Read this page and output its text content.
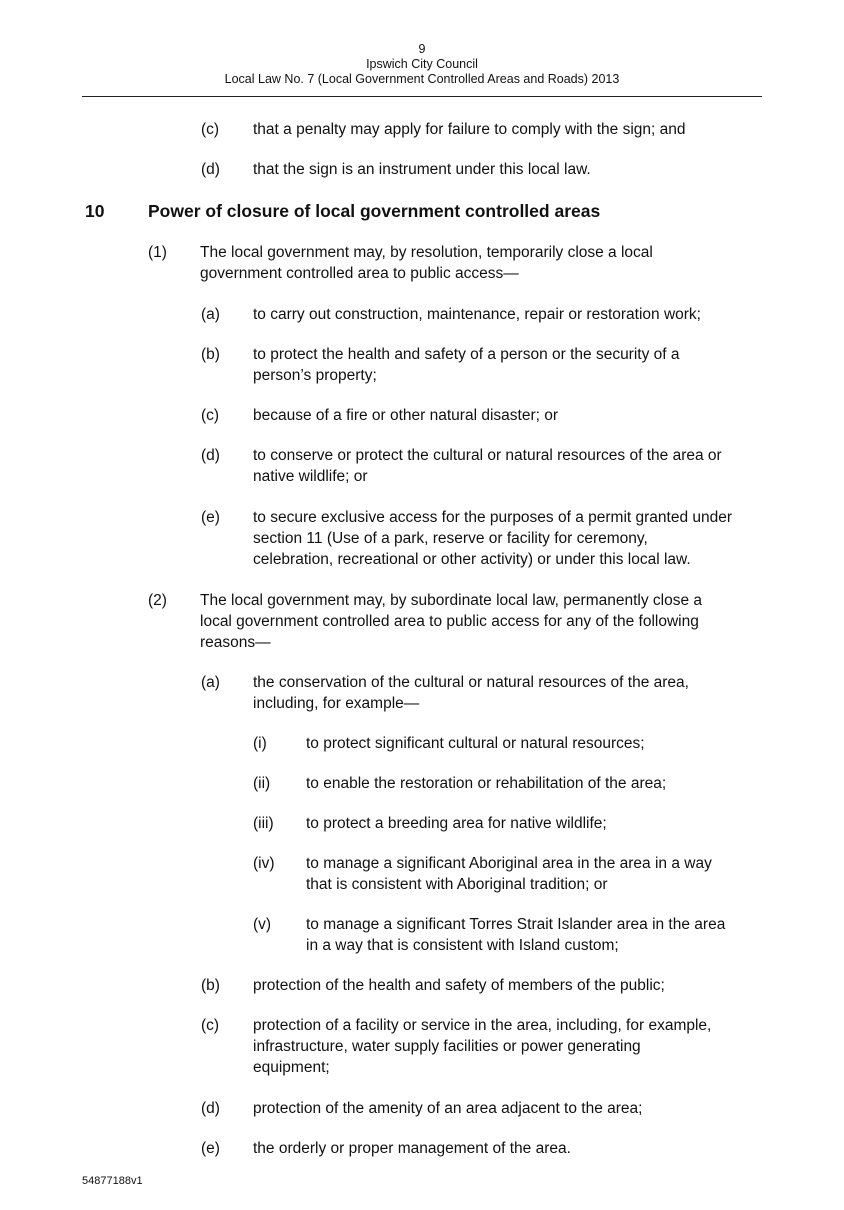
9
Ipswich City Council
Local Law No. 7 (Local Government Controlled Areas and Roads) 2013
(c) that a penalty may apply for failure to comply with the sign; and
(d) that the sign is an instrument under this local law.
10 Power of closure of local government controlled areas
(1) The local government may, by resolution, temporarily close a local
government controlled area to public access—
(a) to carry out construction, maintenance, repair or restoration work;
(b) to protect the health and safety of a person or the security of a
person’s property;
(c) because of a fire or other natural disaster; or
(d) to conserve or protect the cultural or natural resources of the area or
native wildlife; or
(e) to secure exclusive access for the purposes of a permit granted under
section 11 (Use of a park, reserve or facility for ceremony,
celebration, recreational or other activity) or under this local law.
(2) The local government may, by subordinate local law, permanently close a
local government controlled area to public access for any of the following
reasons—
(a) the conservation of the cultural or natural resources of the area,
including, for example—
(i)	to protect significant cultural or natural resources;
(ii) to enable the restoration or rehabilitation of the area;
(iii) to protect a breeding area for native wildlife;
(iv) to manage a significant Aboriginal area in the area in a way
that is consistent with Aboriginal tradition; or
(v) to manage a significant Torres Strait Islander area in the area
in a way that is consistent with Island custom;
(b) protection of the health and safety of members of the public;
(c) protection of a facility or service in the area, including, for example,
infrastructure, water supply facilities or power generating
equipment;
(d) protection of the amenity of an area adjacent to the area;
(e) the orderly or proper management of the area.
54877188v1
